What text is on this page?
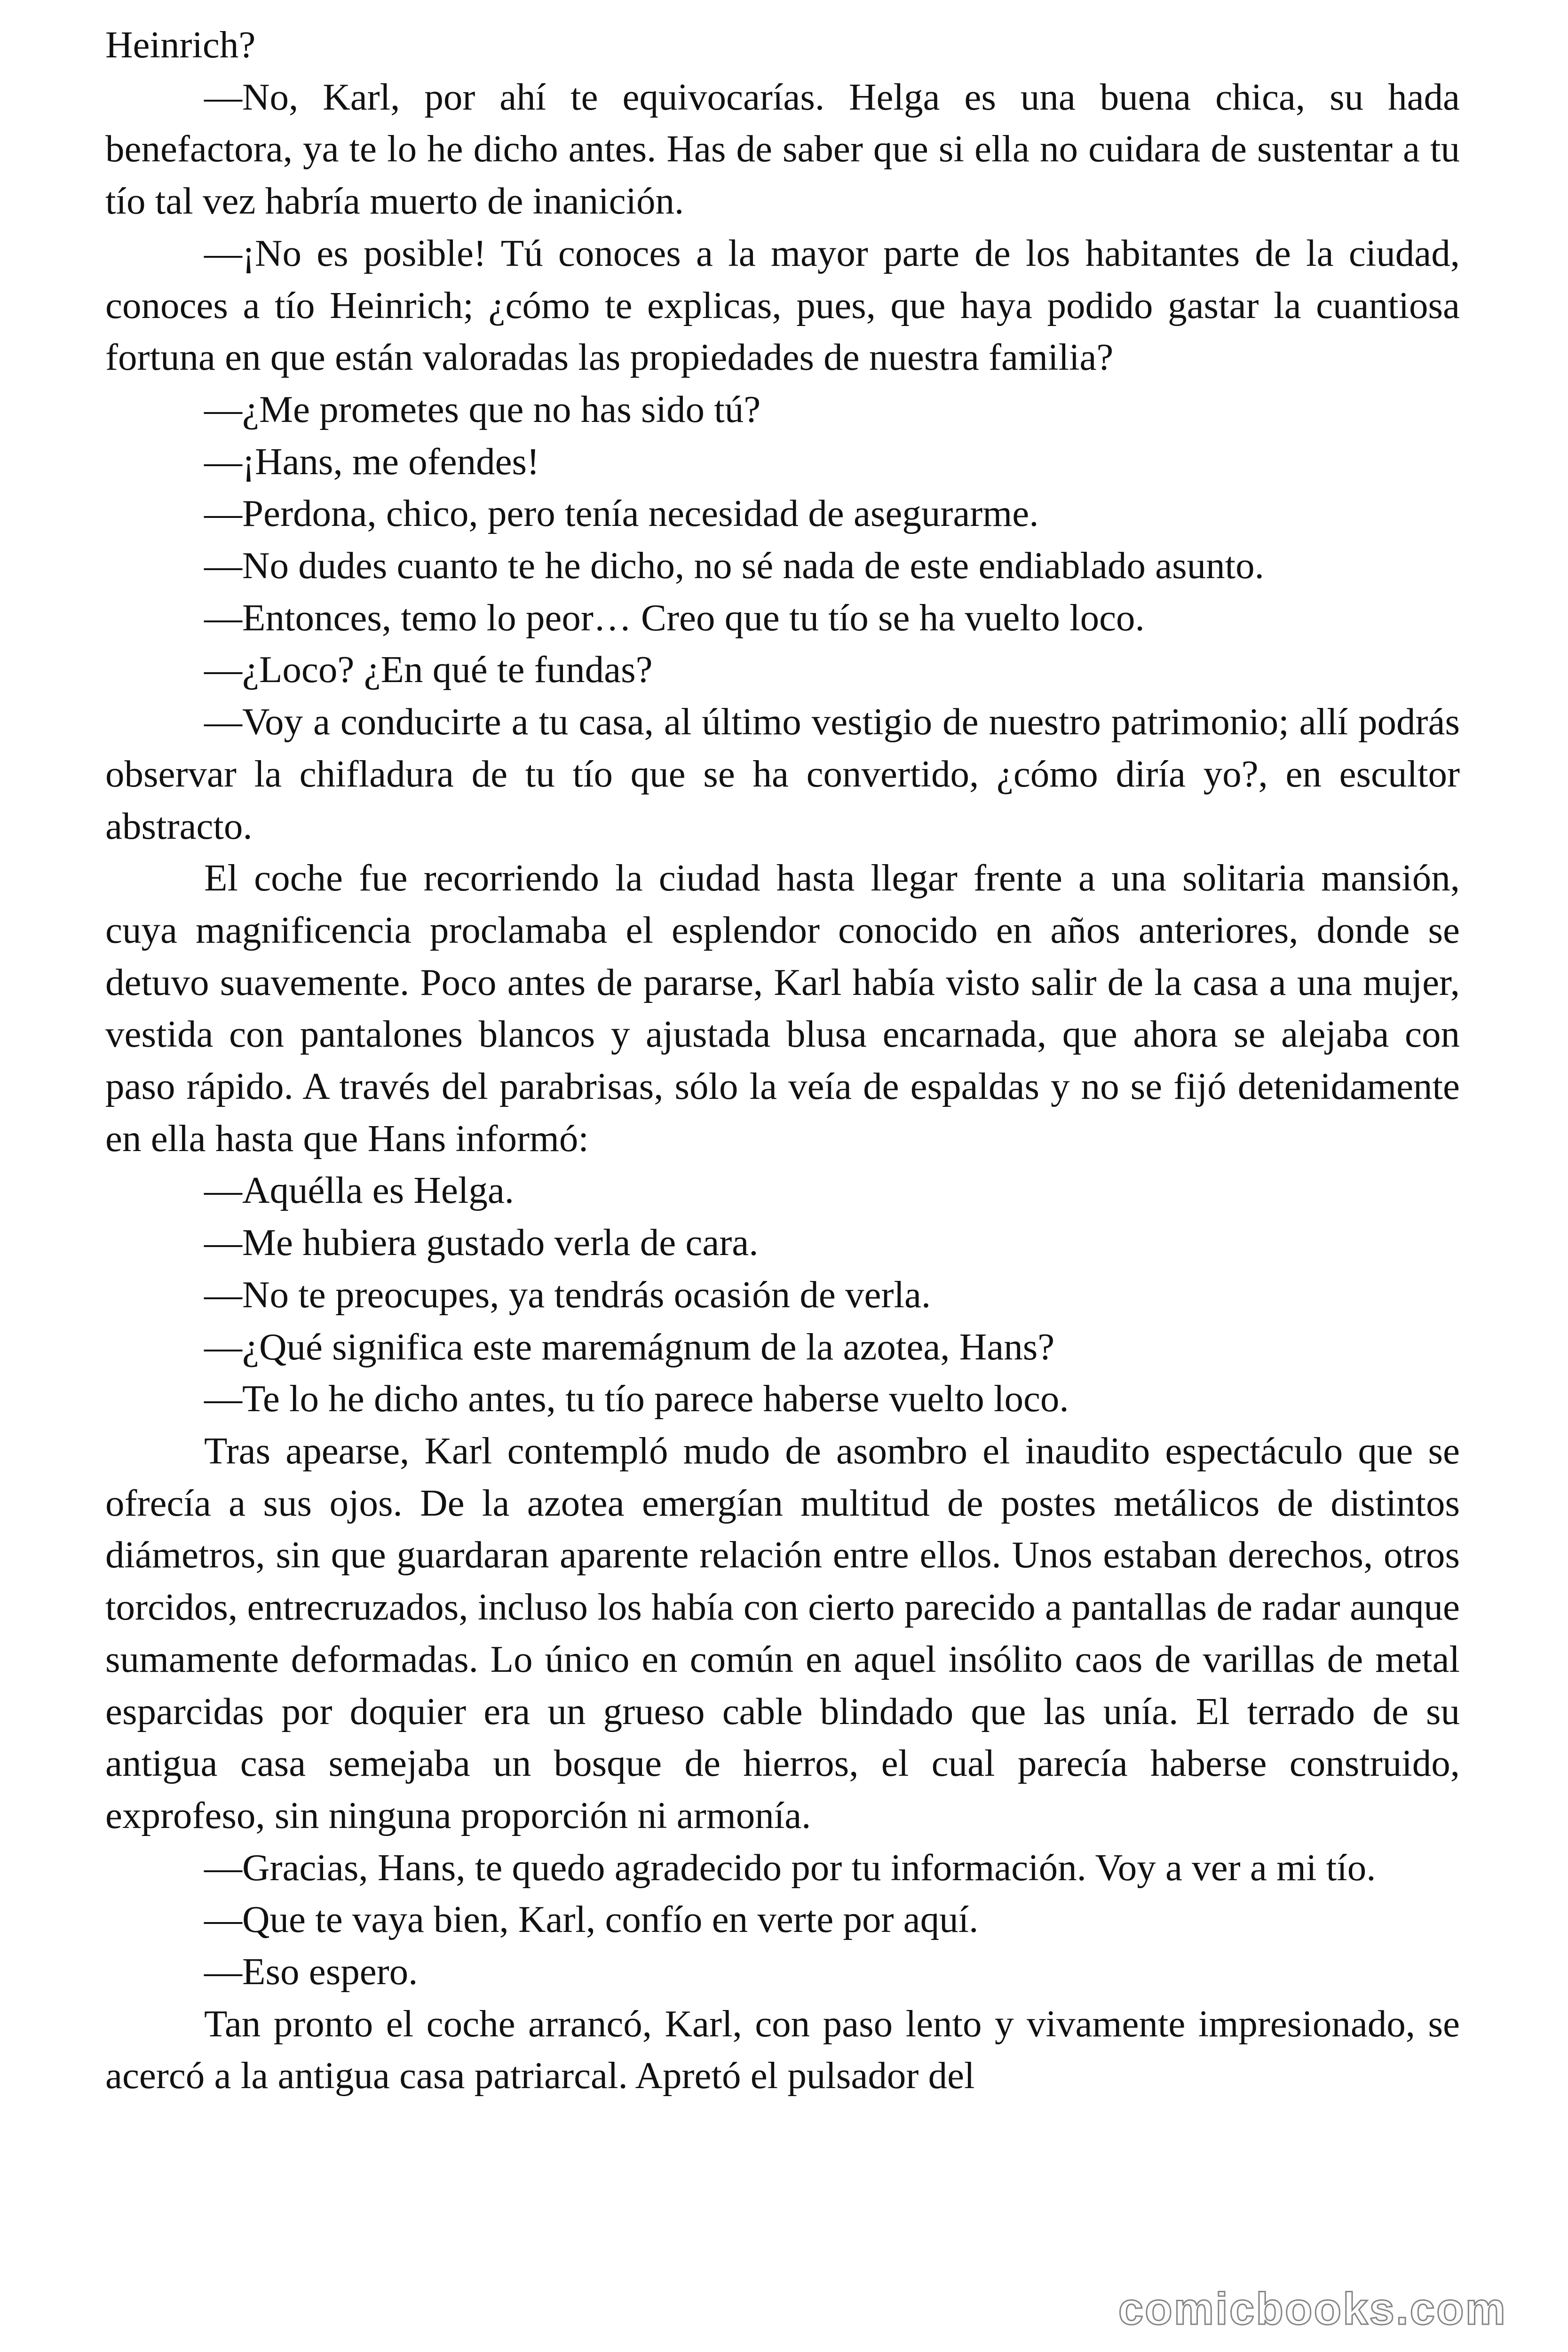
Heinrich?

—No, Karl, por ahí te equivocarías. Helga es una buena chica, su hada benefactora, ya te lo he dicho antes. Has de saber que si ella no cuidara de sustentar a tu tío tal vez habría muerto de inanición.

—¡No es posible! Tú conoces a la mayor parte de los habitantes de la ciudad, conoces a tío Heinrich; ¿cómo te explicas, pues, que haya podido gastar la cuantiosa fortuna en que están valoradas las propiedades de nuestra familia?

—¿Me prometes que no has sido tú?

—¡Hans, me ofendes!

—Perdona, chico, pero tenía necesidad de asegurarme.

—No dudes cuanto te he dicho, no sé nada de este endiablado asunto.

—Entonces, temo lo peor… Creo que tu tío se ha vuelto loco.

—¿Loco? ¿En qué te fundas?

—Voy a conducirte a tu casa, al último vestigio de nuestro patrimonio; allí podrás observar la chifladura de tu tío que se ha convertido, ¿cómo diría yo?, en escultor abstracto.

El coche fue recorriendo la ciudad hasta llegar frente a una solitaria mansión, cuya magnificencia proclamaba el esplendor conocido en años anteriores, donde se detuvo suavemente. Poco antes de pararse, Karl había visto salir de la casa a una mujer, vestida con pantalones blancos y ajustada blusa encarnada, que ahora se alejaba con paso rápido. A través del parabrisas, sólo la veía de espaldas y no se fijó detenidamente en ella hasta que Hans informó:

—Aquélla es Helga.

—Me hubiera gustado verla de cara.

—No te preocupes, ya tendrás ocasión de verla.

—¿Qué significa este maremágnum de la azotea, Hans?

—Te lo he dicho antes, tu tío parece haberse vuelto loco.

Tras apearse, Karl contempló mudo de asombro el inaudito espectáculo que se ofrecía a sus ojos. De la azotea emergían multitud de postes metálicos de distintos diámetros, sin que guardaran aparente relación entre ellos. Unos estaban derechos, otros torcidos, entrecruzados, incluso los había con cierto parecido a pantallas de radar aunque sumamente deformadas. Lo único en común en aquel insólito caos de varillas de metal esparcidas por doquier era un grueso cable blindado que las unía. El terrado de su antigua casa semejaba un bosque de hierros, el cual parecía haberse construido, exprofeso, sin ninguna proporción ni armonía.

—Gracias, Hans, te quedo agradecido por tu información. Voy a ver a mi tío.

—Que te vaya bien, Karl, confío en verte por aquí.

—Eso espero.

Tan pronto el coche arrancó, Karl, con paso lento y vivamente impresionado, se acercó a la antigua casa patriarcal. Apretó el pulsador del

comicbooks.com
